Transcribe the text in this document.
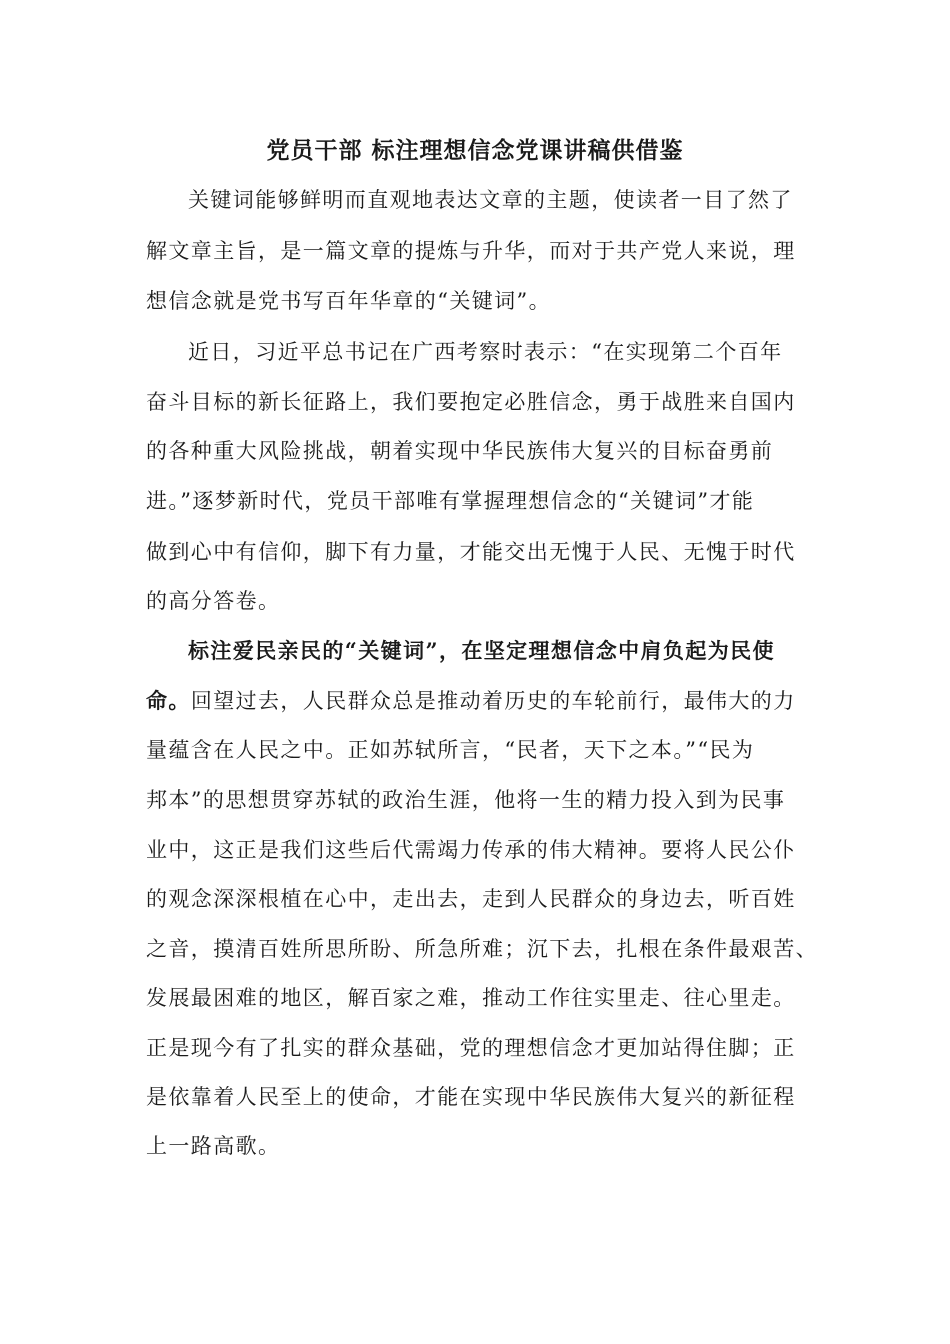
党员干部 标注理想信念党课讲稿供借鉴

关键词能够鲜明而直观地表达文章的主题，使读者一目了然了

解文章主旨，是一篇文章的提炼与升华，而对于共产党人来说，理

想信念就是党书写百年华章的“关键词”。

近日，习近平总书记在广西考察时表示：“在实现第二个百年

奋斗目标的新长征路上，我们要抱定必胜信念，勇于战胜来自国内

的各种重大风险挑战，朝着实现中华民族伟大复兴的目标奋勇前

进。”逐梦新时代，党员干部唯有掌握理想信念的“关键词”才能

做到心中有信仰，脚下有力量，才能交出无愧于人民、无愧于时代

的高分答卷。

标注爱民亲民的“关键词”，在坚定理想信念中肩负起为民使

命。回望过去，人民群众总是推动着历史的车轮前行，最伟大的力

量蕴含在人民之中。正如苏轼所言，“民者，天下之本。”“民为

邦本”的思想贯穿苏轼的政治生涯，他将一生的精力投入到为民事

业中，这正是我们这些后代需竭力传承的伟大精神。要将人民公仆

的观念深深根植在心中，走出去，走到人民群众的身边去，听百姓

之音，摸清百姓所思所盼、所急所难；沉下去，扎根在条件最艰苦、

发展最困难的地区，解百家之难，推动工作往实里走、往心里走。

正是现今有了扎实的群众基础，党的理想信念才更加站得住脚；正

是依靠着人民至上的使命，才能在实现中华民族伟大复兴的新征程

上一路高歌。
